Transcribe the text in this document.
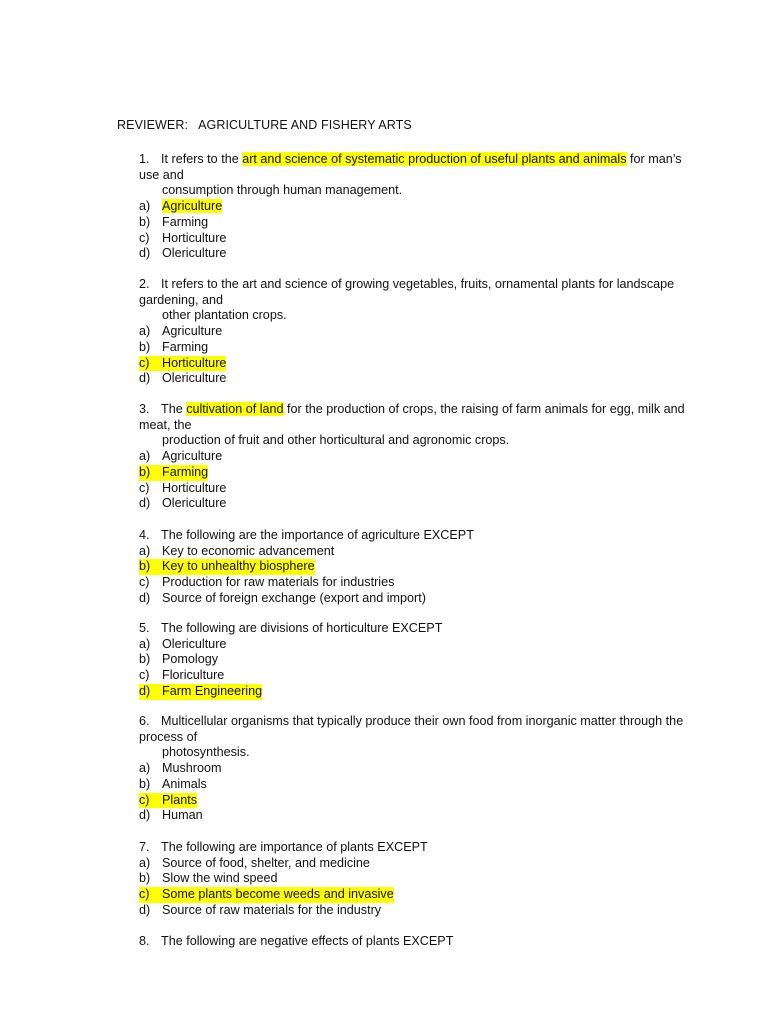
REVIEWER:   AGRICULTURE AND FISHERY ARTS

1. It refers to the art and science of systematic production of useful plants and animals for man’s use and

consumption through human management.

a) Agriculture
b) Farming
c) Horticulture
d) Olericulture

2. It refers to the art and science of growing vegetables, fruits, ornamental plants for landscape gardening, and

other plantation crops.

a) Agriculture
b) Farming
c) Horticulture
d) Olericulture

3. The cultivation of land for the production of crops, the raising of farm animals for egg, milk and meat, the

production of fruit and other horticultural and agronomic crops.

a) Agriculture
b) Farming
c) Horticulture
d) Olericulture

4. The following are the importance of agriculture EXCEPT

a) Key to economic advancement
b) Key to unhealthy biosphere
c) Production for raw materials for industries
d) Source of foreign exchange (export and import)

5. The following are divisions of horticulture EXCEPT

a) Olericulture
b) Pomology
c) Floriculture
d) Farm Engineering

6. Multicellular organisms that typically produce their own food from inorganic matter through the process of

photosynthesis.

a) Mushroom
b) Animals
c) Plants
d) Human

7. The following are importance of plants EXCEPT

a) Source of food, shelter, and medicine
b) Slow the wind speed
c) Some plants become weeds and invasive
d) Source of raw materials for the industry

8. The following are negative effects of plants EXCEPT
